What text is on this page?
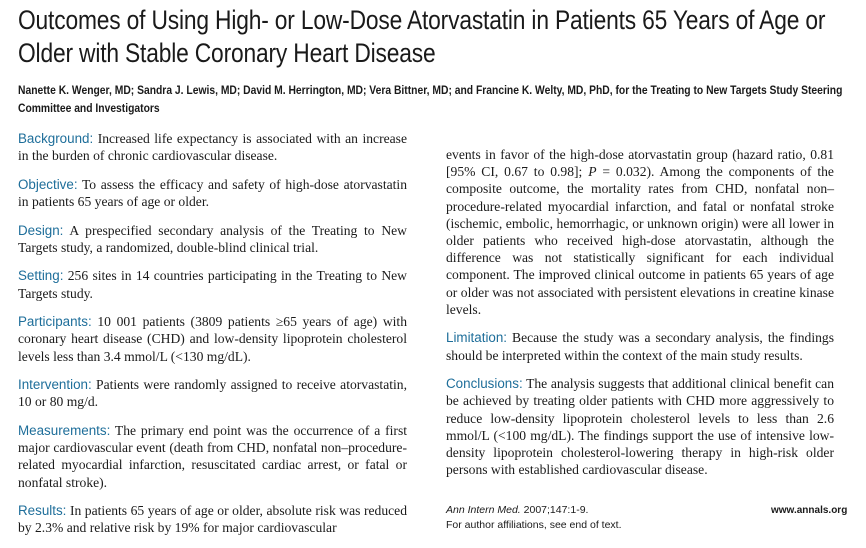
Outcomes of Using High- or Low-Dose Atorvastatin in Patients 65 Years of Age or Older with Stable Coronary Heart Disease
Nanette K. Wenger, MD; Sandra J. Lewis, MD; David M. Herrington, MD; Vera Bittner, MD; and Francine K. Welty, MD, PhD, for the Treating to New Targets Study Steering Committee and Investigators

Background: Increased life expectancy is associated with an increase in the burden of chronic cardiovascular disease.

Objective: To assess the efficacy and safety of high-dose atorvastatin in patients 65 years of age or older.

Design: A prespecified secondary analysis of the Treating to New Targets study, a randomized, double-blind clinical trial.

Setting: 256 sites in 14 countries participating in the Treating to New Targets study.

Participants: 10 001 patients (3809 patients ≥65 years of age) with coronary heart disease (CHD) and low-density lipoprotein cholesterol levels less than 3.4 mmol/L (<130 mg/dL).

Intervention: Patients were randomly assigned to receive atorvastatin, 10 or 80 mg/d.

Measurements: The primary end point was the occurrence of a first major cardiovascular event (death from CHD, nonfatal non–procedure-related myocardial infarction, resuscitated cardiac arrest, or fatal or nonfatal stroke).

Results: In patients 65 years of age or older, absolute risk was reduced by 2.3% and relative risk by 19% for major cardiovascular

events in favor of the high-dose atorvastatin group (hazard ratio, 0.81 [95% CI, 0.67 to 0.98]; P = 0.032). Among the components of the composite outcome, the mortality rates from CHD, nonfatal non–procedure-related myocardial infarction, and fatal or nonfatal stroke (ischemic, embolic, hemorrhagic, or unknown origin) were all lower in older patients who received high-dose atorvastatin, although the difference was not statistically significant for each individual component. The improved clinical outcome in patients 65 years of age or older was not associated with persistent elevations in creatine kinase levels.

Limitation: Because the study was a secondary analysis, the findings should be interpreted within the context of the main study results.

Conclusions: The analysis suggests that additional clinical benefit can be achieved by treating older patients with CHD more aggressively to reduce low-density lipoprotein cholesterol levels to less than 2.6 mmol/L (<100 mg/dL). The findings support the use of intensive low-density lipoprotein cholesterol-lowering therapy in high-risk older persons with established cardiovascular disease.

Ann Intern Med. 2007;147:1-9.
For author affiliations, see end of text.
www.annals.org
